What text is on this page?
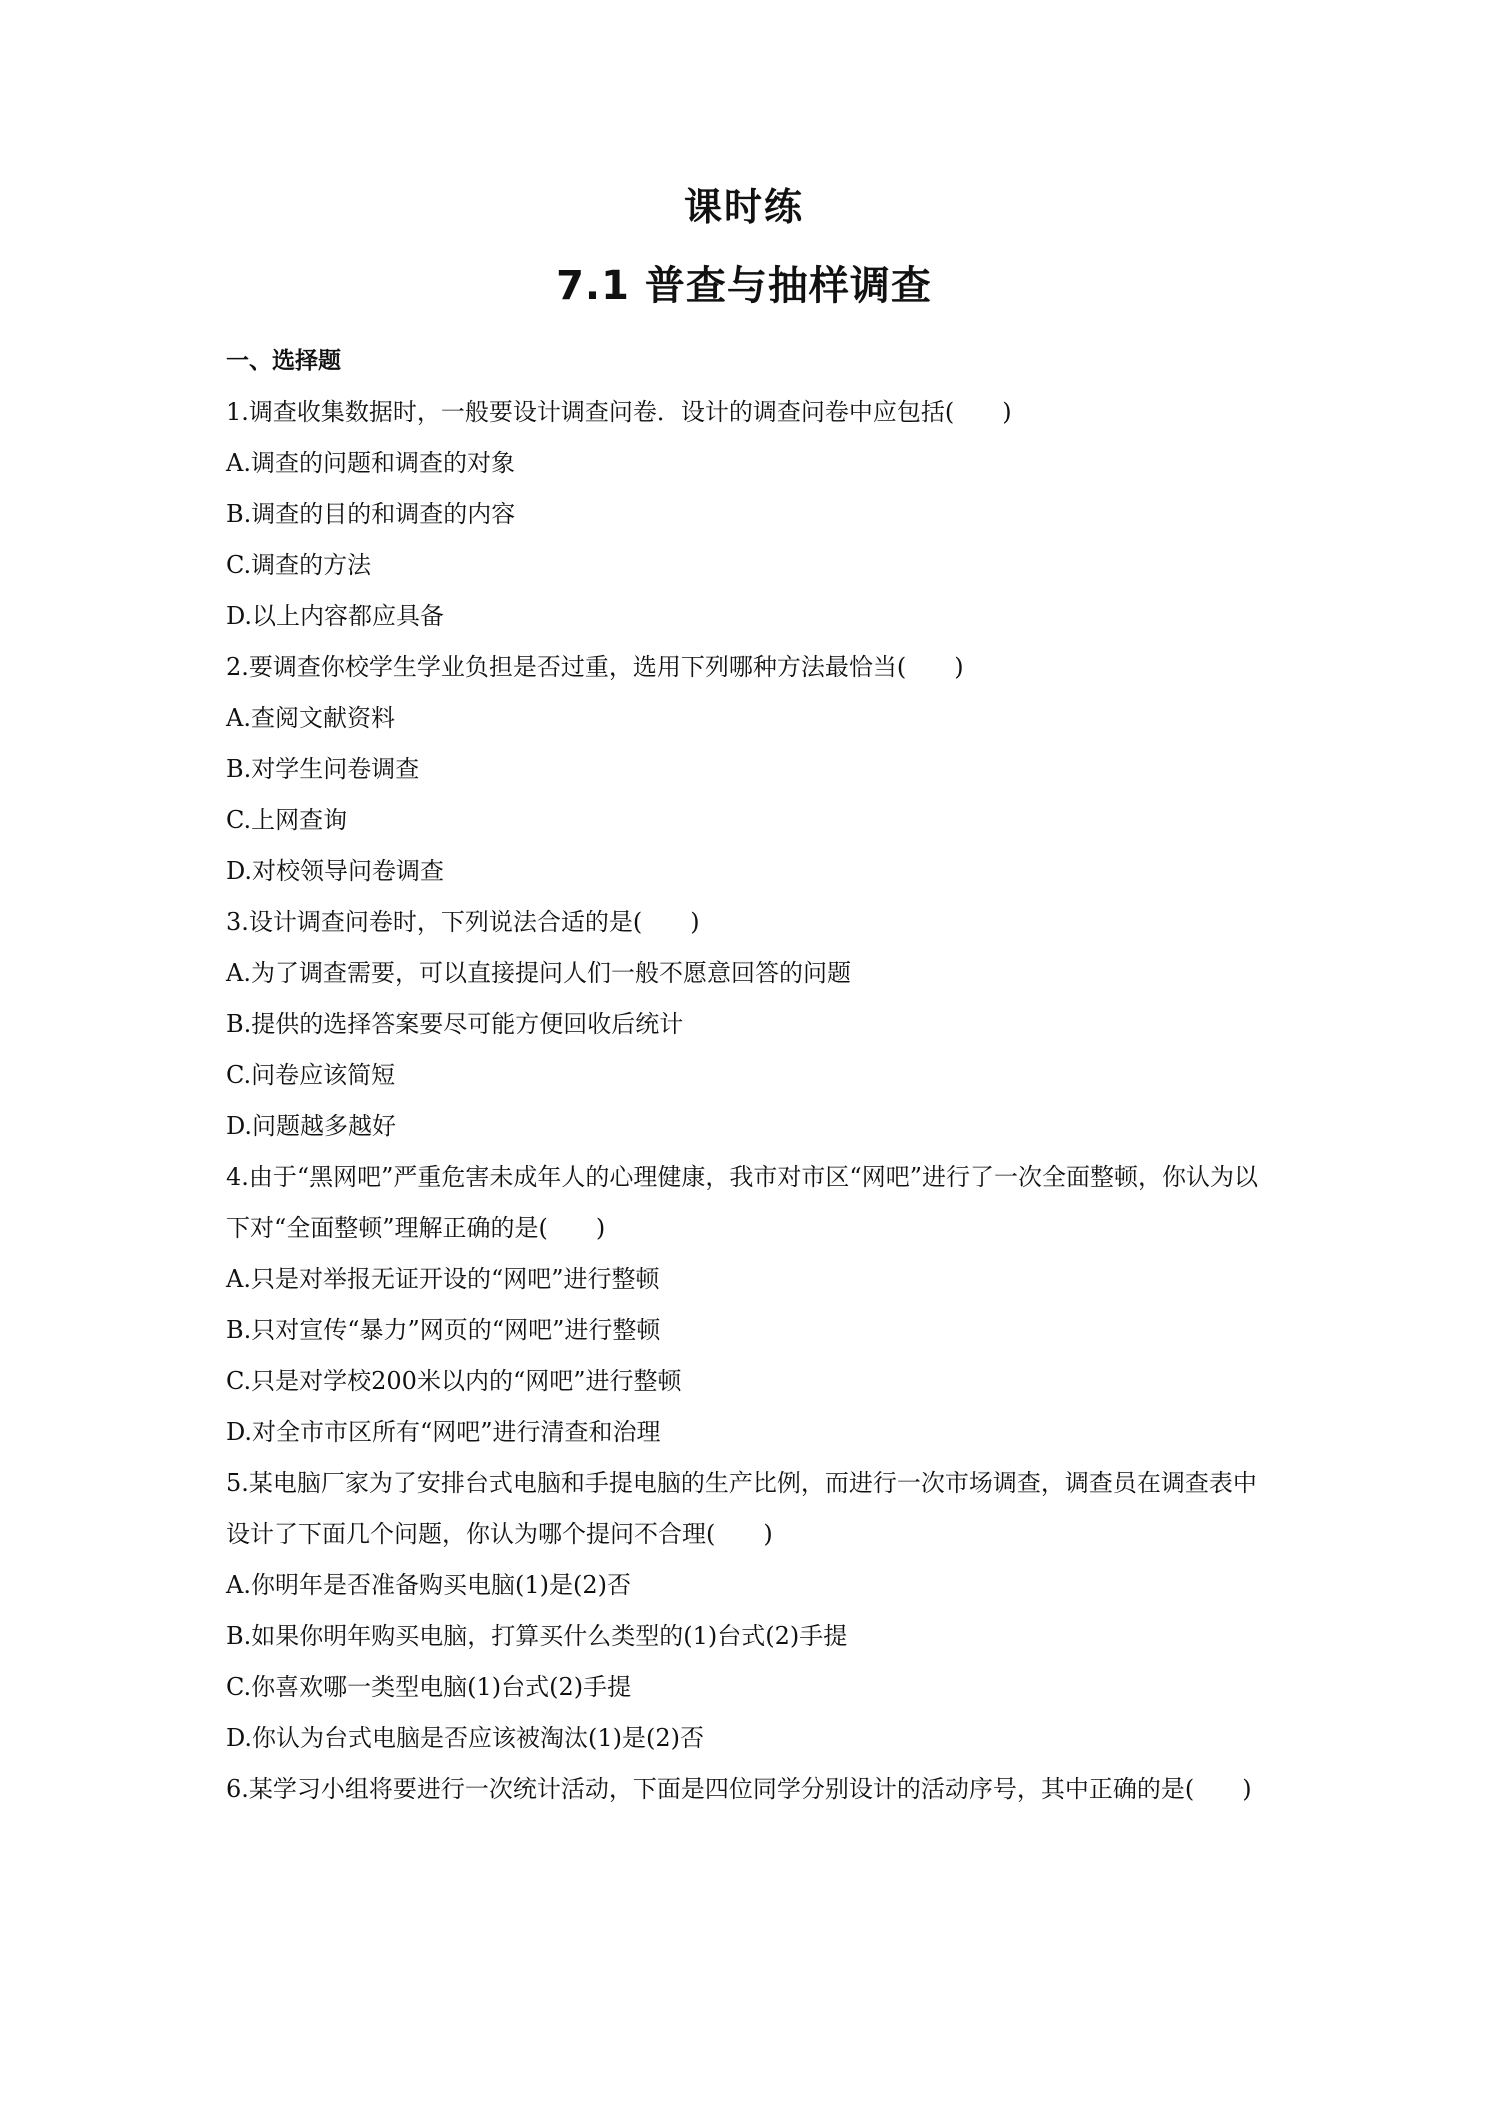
课时练
7.1 普查与抽样调查
一、选择题
1.调查收集数据时，一般要设计调查问卷．设计的调查问卷中应包括(　　)
A.调查的问题和调查的对象
B.调查的目的和调查的内容
C.调查的方法
D.以上内容都应具备
2.要调查你校学生学业负担是否过重，选用下列哪种方法最恰当(　　)
A.查阅文献资料
B.对学生问卷调查
C.上网查询
D.对校领导问卷调查
3.设计调查问卷时，下列说法合适的是(　　)
A.为了调查需要，可以直接提问人们一般不愿意回答的问题
B.提供的选择答案要尽可能方便回收后统计
C.问卷应该简短
D.问题越多越好
4.由于“黑网吧”严重危害未成年人的心理健康，我市对市区“网吧”进行了一次全面整顿，你认为以下对“全面整顿”理解正确的是(　　)
A.只是对举报无证开设的“网吧”进行整顿
B.只对宣传“暴力”网页的“网吧”进行整顿
C.只是对学校200米以内的“网吧”进行整顿
D.对全市市区所有“网吧”进行清查和治理
5.某电脑厂家为了安排台式电脑和手提电脑的生产比例，而进行一次市场调查，调查员在调查表中设计了下面几个问题，你认为哪个提问不合理(　　)
A.你明年是否准备购买电脑(1)是(2)否
B.如果你明年购买电脑，打算买什么类型的(1)台式(2)手提
C.你喜欢哪一类型电脑(1)台式(2)手提
D.你认为台式电脑是否应该被淘汰(1)是(2)否
6.某学习小组将要进行一次统计活动，下面是四位同学分别设计的活动序号，其中正确的是(　　)
